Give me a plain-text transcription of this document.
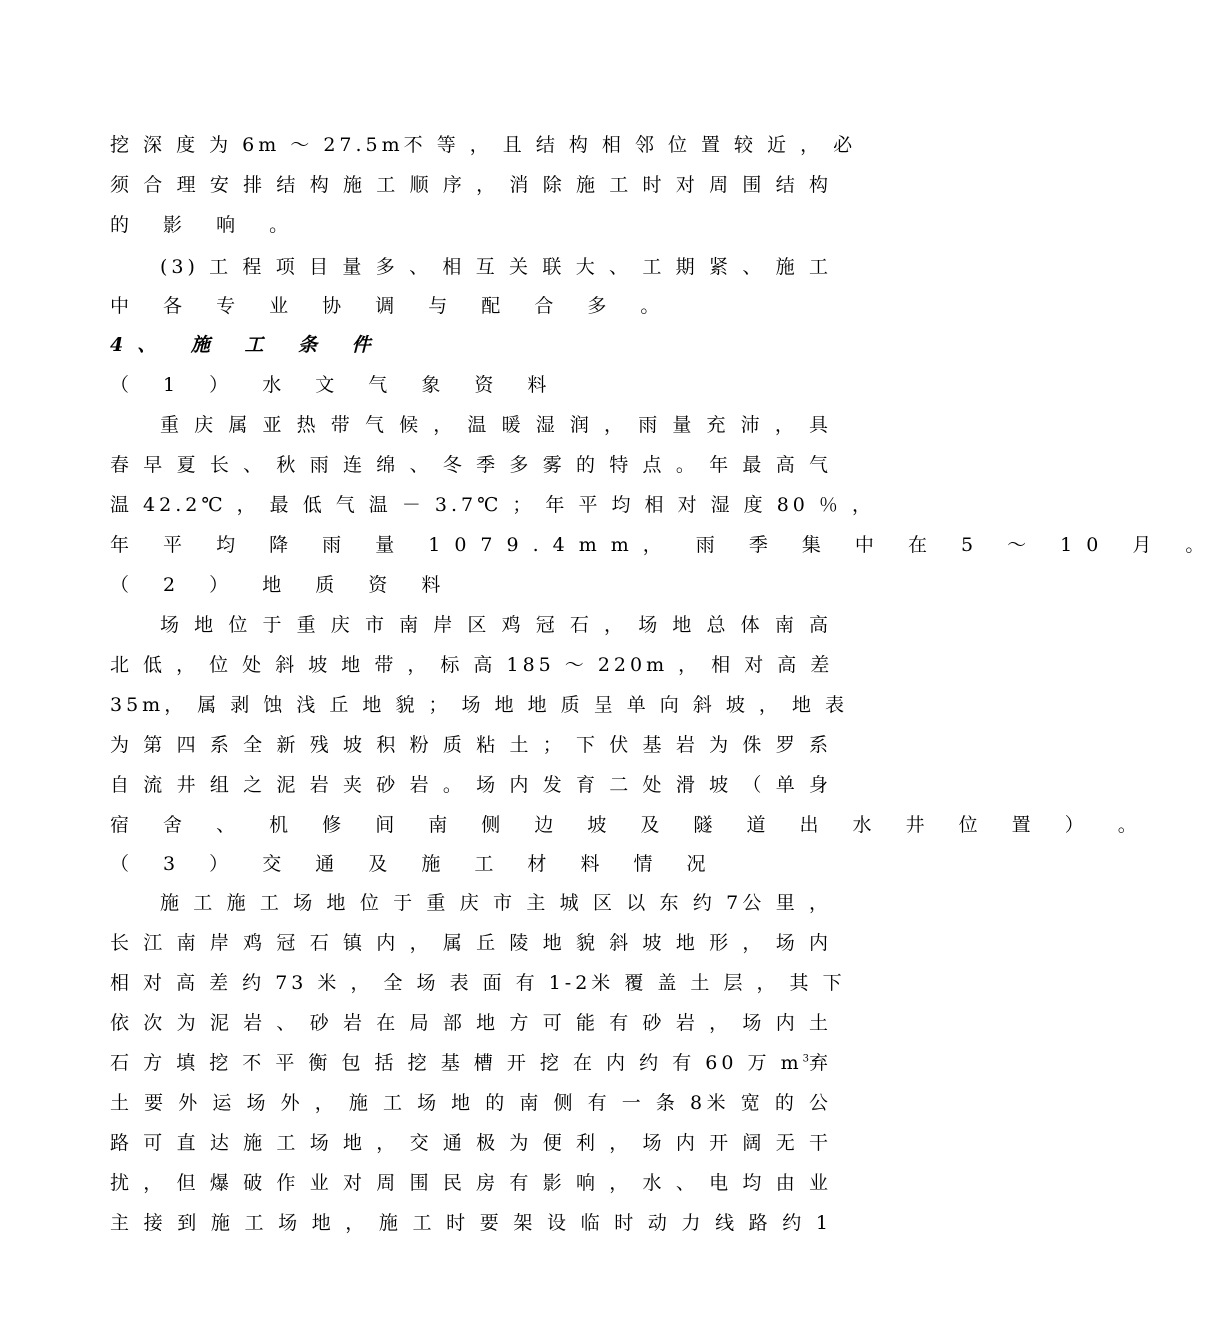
挖 深 度 为 6m ～ 27.5m不 等 ， 且 结 构 相 邻 位 置 较 近 ， 必
须 合 理 安 排 结 构 施 工 顺 序 ， 消 除 施 工 时 对 周 围 结 构
的 影 响 。
(3) 工 程 项 目 量 多 、 相 互 关 联 大 、 工 期 紧 、 施 工
中 各 专 业 协 调 与 配 合 多 。
4、 施 工 条 件
（ 1 ） 水 文 气 象 资 料
重 庆 属 亚 热 带 气 候 ， 温 暖 湿 润 ， 雨 量 充 沛 ， 具
春 早 夏 长 、 秋 雨 连 绵 、 冬 季 多 雾 的 特 点 。 年 最 高 气
温 42.2℃ ， 最 低 气 温 － 3.7℃ ； 年 平 均 相 对 湿 度 80 ％ ，
年 平 均 降 雨 量 1079.4mm， 雨 季 集 中 在 5 ～ 10 月 。
（ 2 ） 地 质 资 料
场 地 位 于 重 庆 市 南 岸 区 鸡 冠 石 ， 场 地 总 体 南 高
北 低 ， 位 处 斜 坡 地 带 ， 标 高 185 ～ 220m ， 相 对 高 差
35m， 属 剥 蚀 浅 丘 地 貌 ； 场 地 地 质 呈 单 向 斜 坡 ， 地 表
为 第 四 系 全 新 残 坡 积 粉 质 粘 土 ； 下 伏 基 岩 为 侏 罗 系
自 流 井 组 之 泥 岩 夹 砂 岩 。 场 内 发 育 二 处 滑 坡 （ 单 身
宿 舍 、 机 修 间 南 侧 边 坡 及 隧 道 出 水 井 位 置 ） 。
（ 3 ） 交 通 及 施 工 材 料 情 况
施 工 施 工 场 地 位 于 重 庆 市 主 城 区 以 东 约 7公 里 ，
长 江 南 岸 鸡 冠 石 镇 内 ， 属 丘 陵 地 貌 斜 坡 地 形 ， 场 内
相 对 高 差 约 73 米 ， 全 场 表 面 有 1-2米 覆 盖 土 层 ， 其 下
依 次 为 泥 岩 、 砂 岩 在 局 部 地 方 可 能 有 砂 岩 ， 场 内 土
石 方 填 挖 不 平 衡 包 括 挖 基 槽 开 挖 在 内 约 有 60 万 $m^3$弃
土 要 外 运 场 外 ， 施 工 场 地 的 南 侧 有 一 条 8米 宽 的 公
路 可 直 达 施 工 场 地 ， 交 通 极 为 便 利 ， 场 内 开 阔 无 干
扰 ， 但 爆 破 作 业 对 周 围 民 房 有 影 响 ， 水 、 电 均 由 业
主 接 到 施 工 场 地 ， 施 工 时 要 架 设 临 时 动 力 线 路 约 1
